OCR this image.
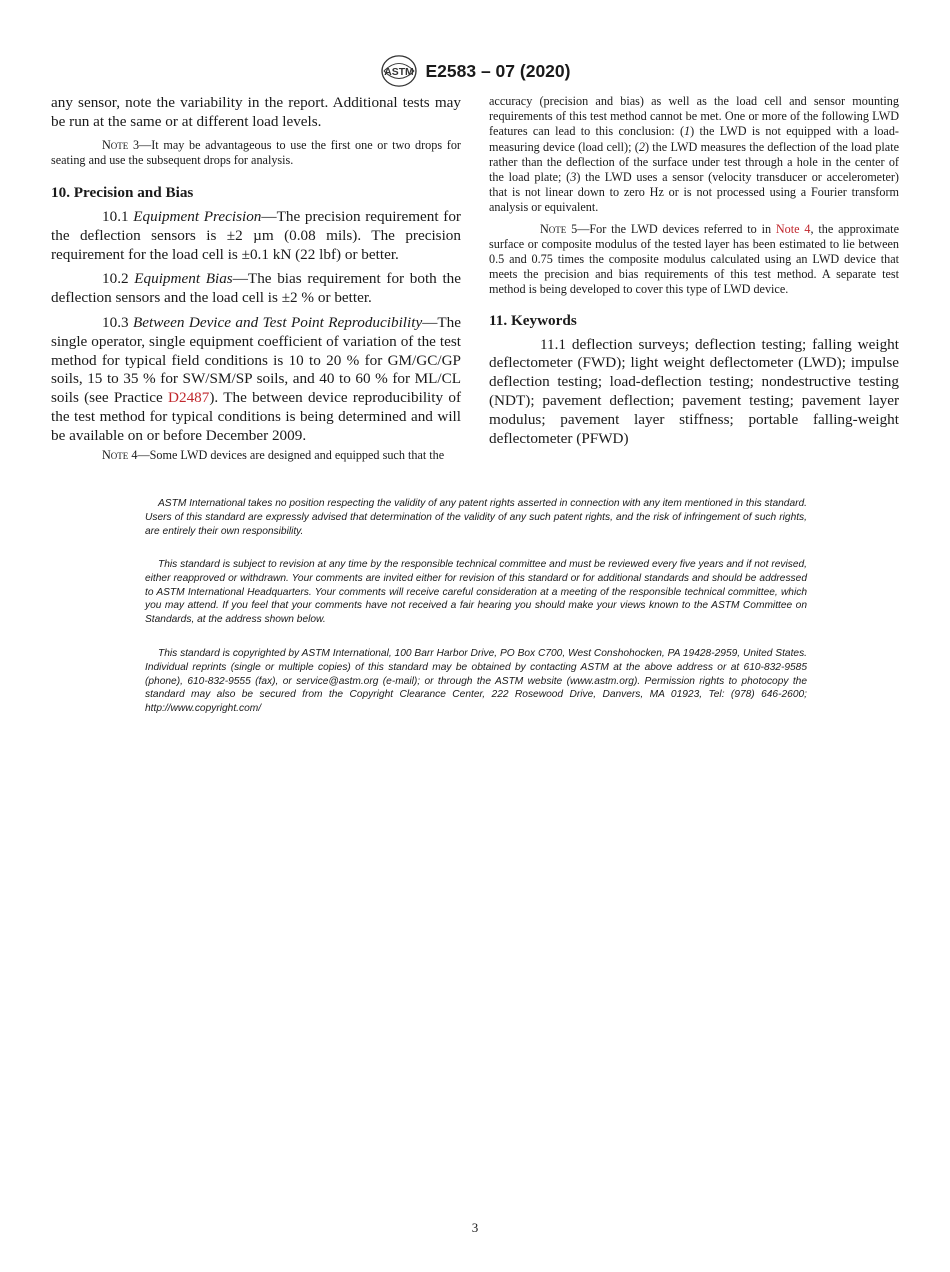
ASTM E2583 – 07 (2020)

any sensor, note the variability in the report. Additional tests may be run at the same or at different load levels.

Note 3—It may be advantageous to use the first one or two drops for seating and use the subsequent drops for analysis.

10. Precision and Bias

10.1 Equipment Precision—The precision requirement for the deflection sensors is ±2 µm (0.08 mils). The precision requirement for the load cell is ±0.1 kN (22 lbf) or better.

10.2 Equipment Bias—The bias requirement for both the deflection sensors and the load cell is ±2 % or better.

10.3 Between Device and Test Point Reproducibility—The single operator, single equipment coefficient of variation of the test method for typical field conditions is 10 to 20 % for GM/GC/GP soils, 15 to 35 % for SW/SM/SP soils, and 40 to 60 % for ML/CL soils (see Practice D2487). The between device reproducibility of the test method for typical conditions is being determined and will be available on or before December 2009.

Note 4—Some LWD devices are designed and equipped such that the

accuracy (precision and bias) as well as the load cell and sensor mounting requirements of this test method cannot be met. One or more of the following LWD features can lead to this conclusion: (1) the LWD is not equipped with a load-measuring device (load cell); (2) the LWD measures the deflection of the load plate rather than the deflection of the surface under test through a hole in the center of the load plate; (3) the LWD uses a sensor (velocity transducer or accelerometer) that is not linear down to zero Hz or is not processed using a Fourier transform analysis or equivalent.

Note 5—For the LWD devices referred to in Note 4, the approximate surface or composite modulus of the tested layer has been estimated to lie between 0.5 and 0.75 times the composite modulus calculated using an LWD device that meets the precision and bias requirements of this test method. A separate test method is being developed to cover this type of LWD device.

11. Keywords

11.1 deflection surveys; deflection testing; falling weight deflectometer (FWD); light weight deflectometer (LWD); impulse deflection testing; load-deflection testing; nondestructive testing (NDT); pavement deflection; pavement testing; pavement layer modulus; pavement layer stiffness; portable falling-weight deflectometer (PFWD)

ASTM International takes no position respecting the validity of any patent rights asserted in connection with any item mentioned in this standard. Users of this standard are expressly advised that determination of the validity of any such patent rights, and the risk of infringement of such rights, are entirely their own responsibility.

This standard is subject to revision at any time by the responsible technical committee and must be reviewed every five years and if not revised, either reapproved or withdrawn. Your comments are invited either for revision of this standard or for additional standards and should be addressed to ASTM International Headquarters. Your comments will receive careful consideration at a meeting of the responsible technical committee, which you may attend. If you feel that your comments have not received a fair hearing you should make your views known to the ASTM Committee on Standards, at the address shown below.

This standard is copyrighted by ASTM International, 100 Barr Harbor Drive, PO Box C700, West Conshohocken, PA 19428-2959, United States. Individual reprints (single or multiple copies) of this standard may be obtained by contacting ASTM at the above address or at 610-832-9585 (phone), 610-832-9555 (fax), or service@astm.org (e-mail); or through the ASTM website (www.astm.org). Permission rights to photocopy the standard may also be secured from the Copyright Clearance Center, 222 Rosewood Drive, Danvers, MA 01923, Tel: (978) 646-2600; http://www.copyright.com/

3
